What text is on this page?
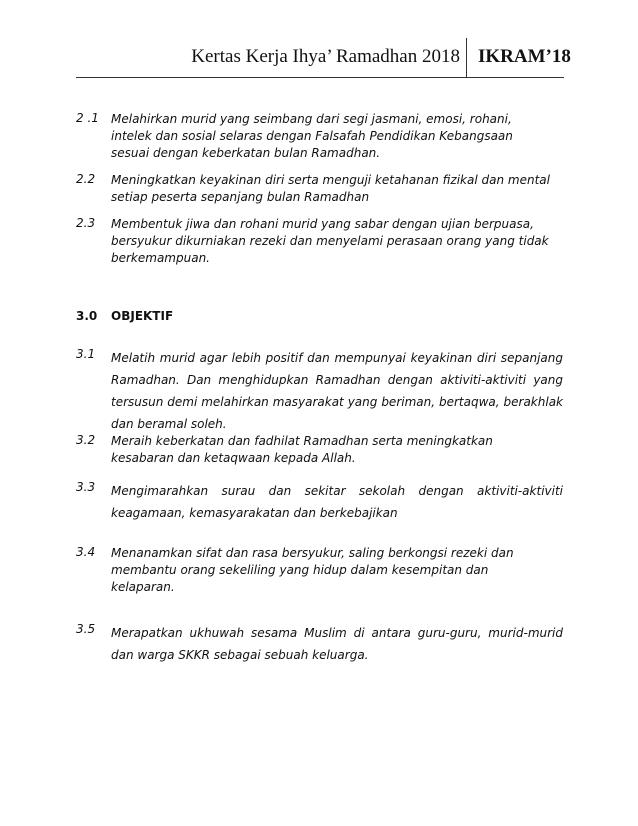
Kertas Kerja Ihya’ Ramadhan 2018 IKRAM’18
2 .1 Melahirkan murid yang seimbang dari segi jasmani, emosi, rohani, intelek dan sosial selaras dengan Falsafah Pendidikan Kebangsaan sesuai dengan keberkatan bulan Ramadhan.
2.2 Meningkatkan keyakinan diri serta menguji ketahanan fizikal dan mental setiap peserta sepanjang bulan Ramadhan
2.3 Membentuk jiwa dan rohani murid yang sabar dengan ujian berpuasa, bersyukur dikurniakan rezeki dan menyelami perasaan orang yang tidak berkemampuan.
3.0 OBJEKTIF
3.1 Melatih murid agar lebih positif dan mempunyai keyakinan diri sepanjang Ramadhan. Dan menghidupkan Ramadhan dengan aktiviti-aktiviti yang tersusun demi melahirkan masyarakat yang beriman, bertaqwa, berakhlak dan beramal soleh.
3.2 Meraih keberkatan dan fadhilat Ramadhan serta meningkatkan kesabaran dan ketaqwaan kepada Allah.
3.3 Mengimarahkan surau dan sekitar sekolah dengan aktiviti-aktiviti keagamaan, kemasyarakatan dan berkebajikan
3.4 Menanamkan sifat dan rasa bersyukur, saling berkongsi rezeki dan membantu orang sekeliling yang hidup dalam kesempitan dan kelaparan.
3.5 Merapatkan ukhuwah sesama Muslim di antara guru-guru, murid-murid dan warga SKKR sebagai sebuah keluarga.
